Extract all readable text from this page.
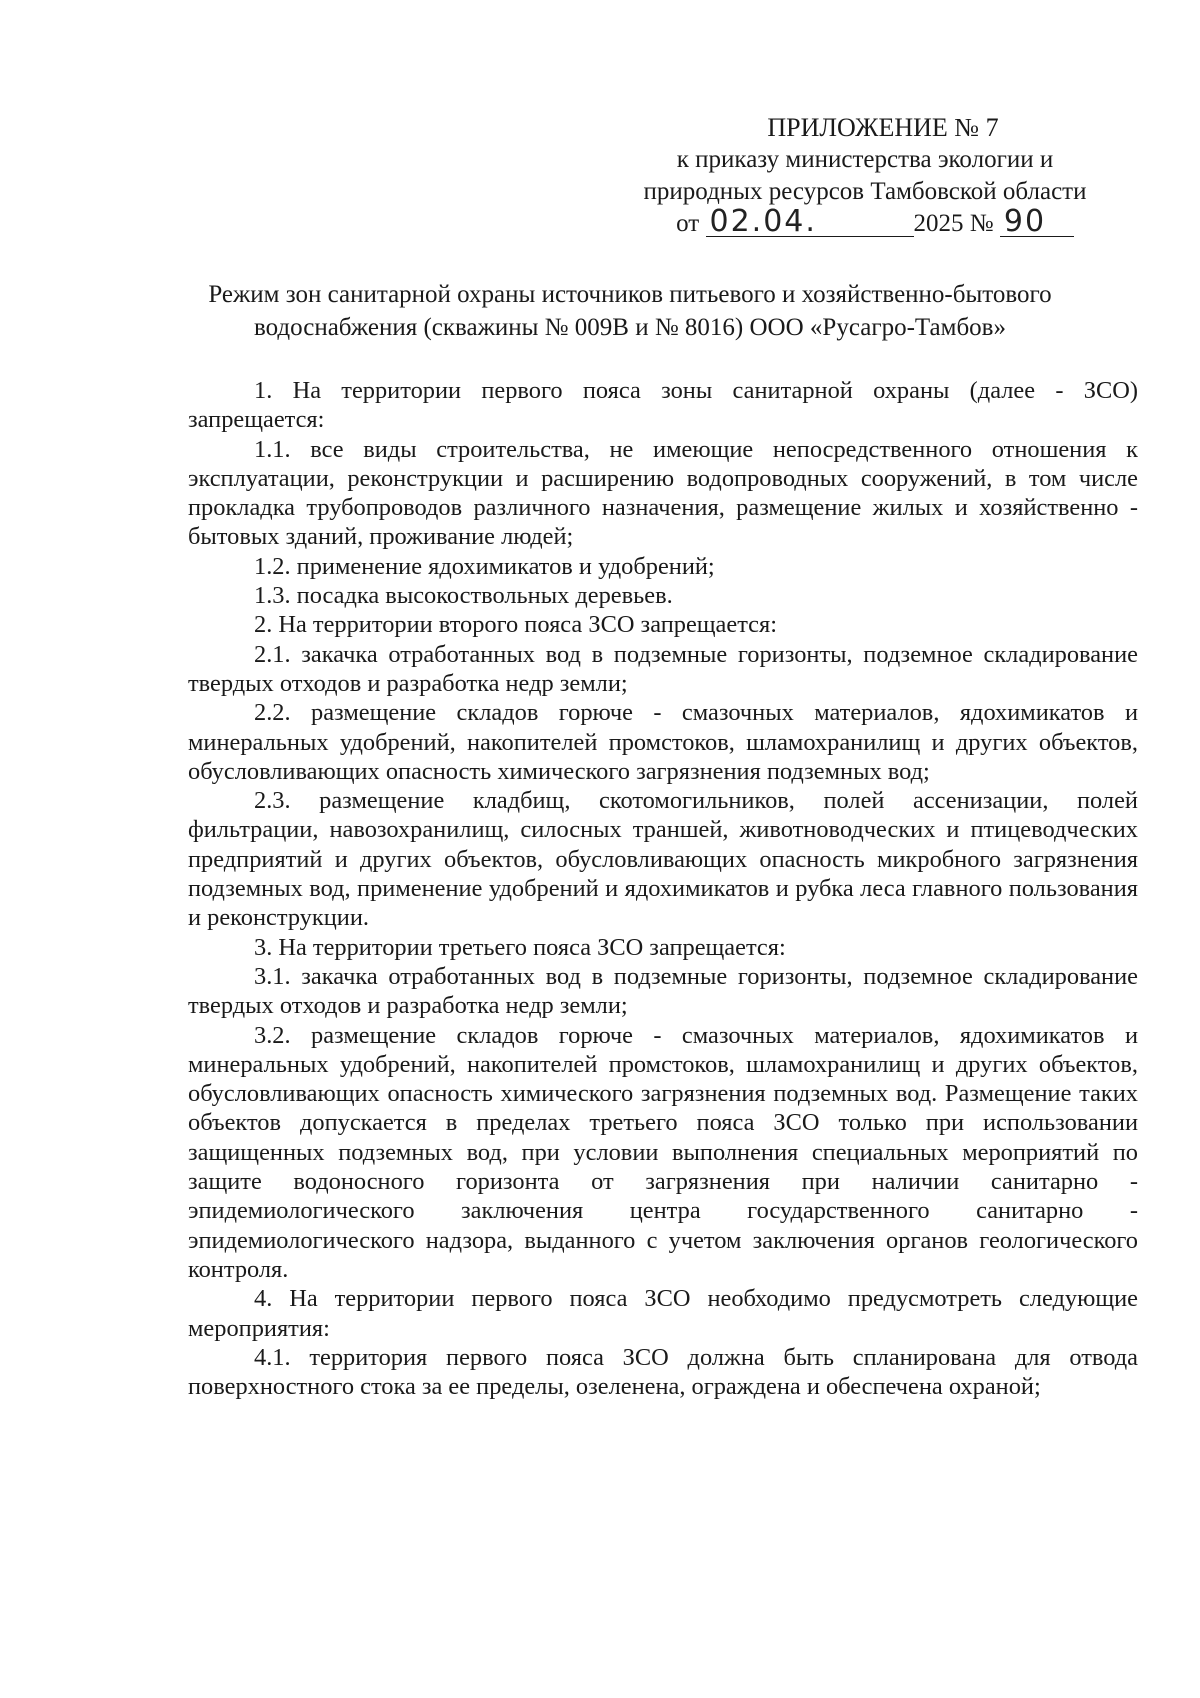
ПРИЛОЖЕНИЕ № 7
к приказу министерства экологии и
природных ресурсов Тамбовской области
от 02.04.	2025 № 90
Режим зон санитарной охраны источников питьевого и хозяйственно-бытового
водоснабжения (скважины № 009В и № 8016) ООО «Русагро-Тамбов»

1. На территории первого пояса зоны санитарной охраны (далее - ЗСО) запрещается:

1.1. все виды строительства, не имеющие непосредственного отношения к эксплуатации, реконструкции и расширению водопроводных сооружений, в том числе прокладка трубопроводов различного назначения, размещение жилых и хозяйственно - бытовых зданий, проживание людей;

1.2. применение ядохимикатов и удобрений;

1.3. посадка высокоствольных деревьев.

2. На территории второго пояса ЗСО запрещается:

2.1. закачка отработанных вод в подземные горизонты, подземное складирование твердых отходов и разработка недр земли;

2.2. размещение складов горюче - смазочных материалов, ядохимикатов и минеральных удобрений, накопителей промстоков, шламохранилищ и других объектов, обусловливающих опасность химического загрязнения подземных вод;

2.3. размещение кладбищ, скотомогильников, полей ассенизации, полей фильтрации, навозохранилищ, силосных траншей, животноводческих и птицеводческих предприятий и других объектов, обусловливающих опасность микробного загрязнения подземных вод, применение удобрений и ядохимикатов и рубка леса главного пользования и реконструкции.

3. На территории третьего пояса ЗСО запрещается:

3.1. закачка отработанных вод в подземные горизонты, подземное складирование твердых отходов и разработка недр земли;

3.2. размещение складов горюче - смазочных материалов, ядохимикатов и минеральных удобрений, накопителей промстоков, шламохранилищ и других объектов, обусловливающих опасность химического загрязнения подземных вод. Размещение таких объектов допускается в пределах третьего пояса ЗСО только при использовании защищенных подземных вод, при условии выполнения специальных мероприятий по защите водоносного горизонта от загрязнения при наличии санитарно - эпидемиологического заключения центра государственного санитарно - эпидемиологического надзора, выданного с учетом заключения органов геологического контроля.

4. На территории первого пояса ЗСО необходимо предусмотреть следующие мероприятия:

4.1. территория первого пояса ЗСО должна быть спланирована для отвода поверхностного стока за ее пределы, озеленена, ограждена и обеспечена охраной;
